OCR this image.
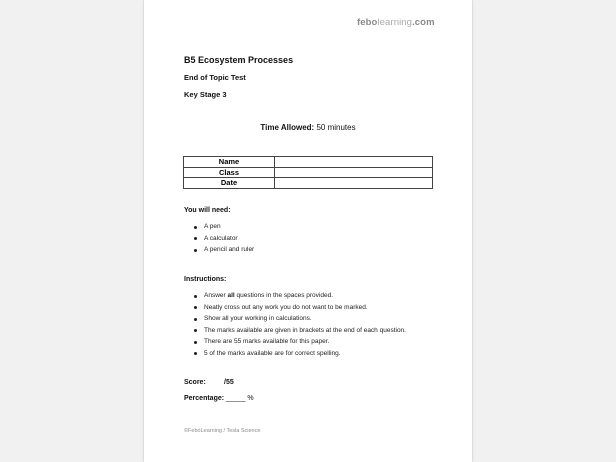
febolearning.com
B5 Ecosystem Processes
End of Topic Test
Key Stage 3
Time Allowed: 50 minutes
Name	
Class	
Date	
You will need:
A pen
A calculator
A pencil and ruler
Instructions:
Answer all questions in the spaces provided.
Neatly cross out any work you do not want to be marked.
Show all your working in calculations.
The marks available are given in brackets at the end of each question.
There are 55 marks available for this paper.
5 of the marks available are for correct spelling.
Score:	/55
Percentage: _____ %
©FeboLearning / Tesla Science
